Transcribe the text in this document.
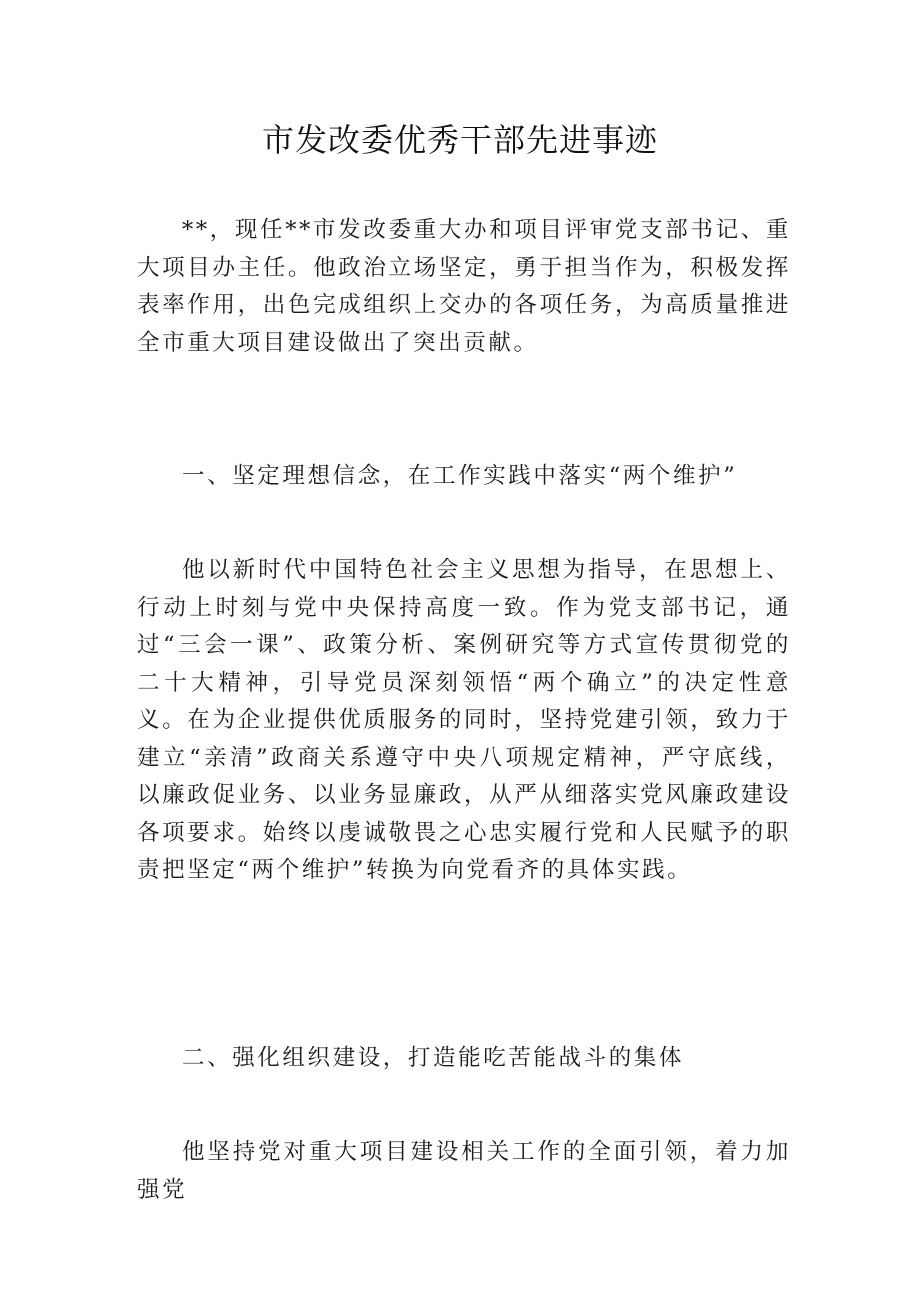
市发改委优秀干部先进事迹

**，现任**市发改委重大办和项目评审党支部书记、重大项目办主任。他政治立场坚定，勇于担当作为，积极发挥表率作用，出色完成组织上交办的各项任务，为高质量推进全市重大项目建设做出了突出贡献。

一、坚定理想信念，在工作实践中落实“两个维护”

他以新时代中国特色社会主义思想为指导，在思想上、行动上时刻与党中央保持高度一致。作为党支部书记，通过“三会一课”、政策分析、案例研究等方式宣传贯彻党的二十大精神，引导党员深刻领悟“两个确立”的决定性意义。在为企业提供优质服务的同时，坚持党建引领，致力于建立“亲清”政商关系遵守中央八项规定精神，严守底线，以廉政促业务、以业务显廉政，从严从细落实党风廉政建设各项要求。始终以虔诚敬畏之心忠实履行党和人民赋予的职责把坚定“两个维护”转换为向党看齐的具体实践。

二、强化组织建设，打造能吃苦能战斗的集体

他坚持党对重大项目建设相关工作的全面引领，着力加强党
